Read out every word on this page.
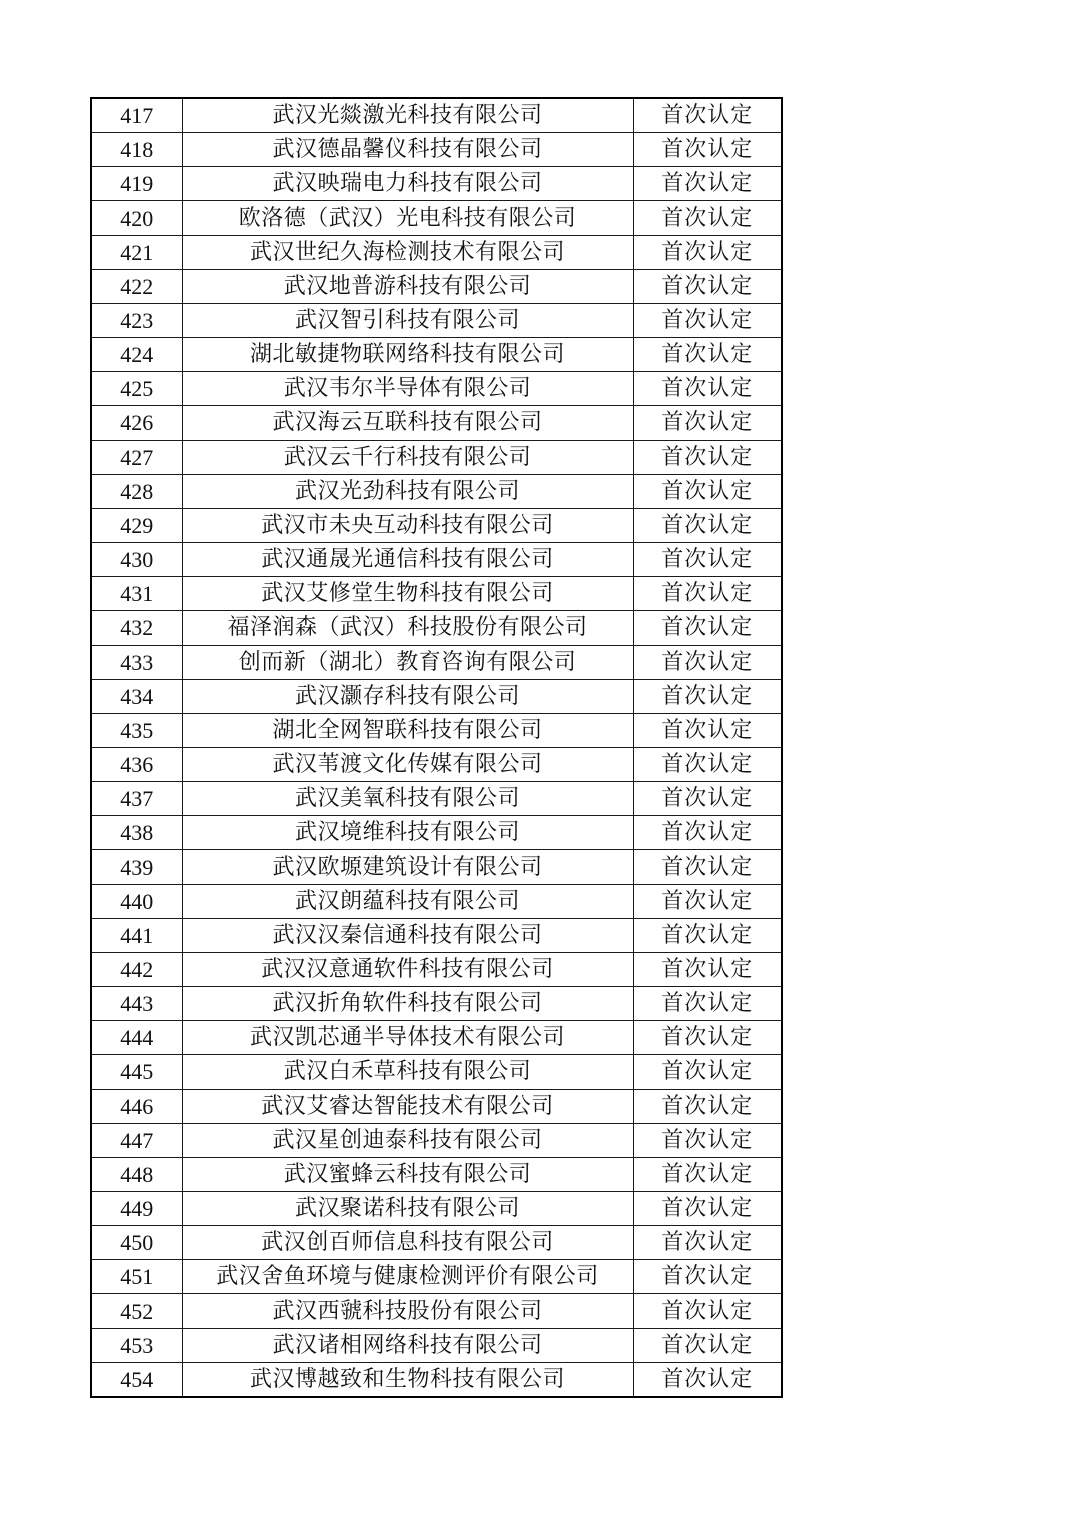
417	武汉光燚激光科技有限公司	首次认定
418	武汉德晶馨仪科技有限公司	首次认定
419	武汉映瑞电力科技有限公司	首次认定
420	欧洛德（武汉）光电科技有限公司	首次认定
421	武汉世纪久海检测技术有限公司	首次认定
422	武汉地普游科技有限公司	首次认定
423	武汉智引科技有限公司	首次认定
424	湖北敏捷物联网络科技有限公司	首次认定
425	武汉韦尔半导体有限公司	首次认定
426	武汉海云互联科技有限公司	首次认定
427	武汉云千行科技有限公司	首次认定
428	武汉光劲科技有限公司	首次认定
429	武汉市未央互动科技有限公司	首次认定
430	武汉通晟光通信科技有限公司	首次认定
431	武汉艾修堂生物科技有限公司	首次认定
432	福泽润森（武汉）科技股份有限公司	首次认定
433	创而新（湖北）教育咨询有限公司	首次认定
434	武汉灏存科技有限公司	首次认定
435	湖北全网智联科技有限公司	首次认定
436	武汉苇渡文化传媒有限公司	首次认定
437	武汉美氧科技有限公司	首次认定
438	武汉境维科技有限公司	首次认定
439	武汉欧塬建筑设计有限公司	首次认定
440	武汉朗蕴科技有限公司	首次认定
441	武汉汉秦信通科技有限公司	首次认定
442	武汉汉意通软件科技有限公司	首次认定
443	武汉折角软件科技有限公司	首次认定
444	武汉凯芯通半导体技术有限公司	首次认定
445	武汉白禾草科技有限公司	首次认定
446	武汉艾睿达智能技术有限公司	首次认定
447	武汉星创迪泰科技有限公司	首次认定
448	武汉蜜蜂云科技有限公司	首次认定
449	武汉聚诺科技有限公司	首次认定
450	武汉创百师信息科技有限公司	首次认定
451	武汉舍鱼环境与健康检测评价有限公司	首次认定
452	武汉西虢科技股份有限公司	首次认定
453	武汉诸相网络科技有限公司	首次认定
454	武汉博越致和生物科技有限公司	首次认定
